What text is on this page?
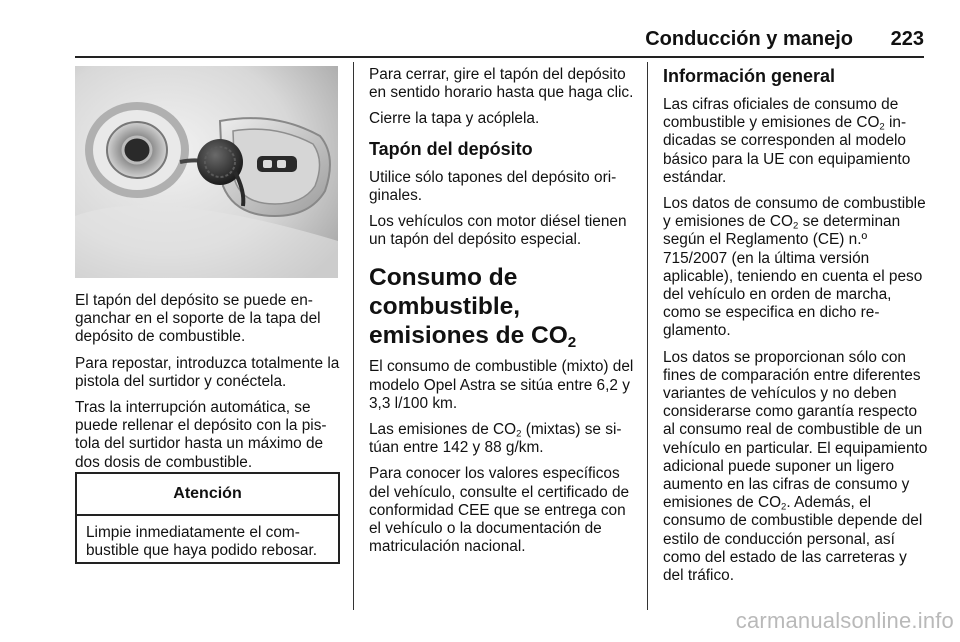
Conducción y manejo 223

El tapón del depósito se puede enganchar en el soporte de la tapa del depósito de combustible.

Para repostar, introduzca totalmente la pistola del surtidor y conéctela.

Tras la interrupción automática, se puede rellenar el depósito con la pistola del surtidor hasta un máximo de dos dosis de combustible.

Atención
Limpie inmediatamente el combustible que haya podido rebosar.

Para cerrar, gire el tapón del depósito en sentido horario hasta que haga clic.

Cierre la tapa y acóplela.

Tapón del depósito

Utilice sólo tapones del depósito originales.

Los vehículos con motor diésel tienen un tapón del depósito especial.

Consumo de combustible, emisiones de $CO_2$

El consumo de combustible (mixto) del modelo Opel Astra se sitúa entre 6,2 y 3,3 l/100 km.

Las emisiones de $CO_2$ (mixtas) se sitúan entre 142 y 88 g/km.

Para conocer los valores específicos del vehículo, consulte el certificado de conformidad CEE que se entrega con el vehículo o la documentación de matriculación nacional.

Información general

Las cifras oficiales de consumo de combustible y emisiones de $CO_2$ indicadas se corresponden al modelo básico para la UE con equipamiento estándar.

Los datos de consumo de combustible y emisiones de $CO_2$ se determinan según el Reglamento (CE) n.º 715/2007 (en la última versión aplicable), teniendo en cuenta el peso del vehículo en orden de marcha, como se especifica en dicho reglamento.

Los datos se proporcionan sólo con fines de comparación entre diferentes variantes de vehículos y no deben considerarse como garantía respecto al consumo real de combustible de un vehículo en particular. El equipamiento adicional puede suponer un ligero aumento en las cifras de consumo y emisiones de $CO_2$. Además, el consumo de combustible depende del estilo de conducción personal, así como del estado de las carreteras y del tráfico.

carmanualsonline.info
